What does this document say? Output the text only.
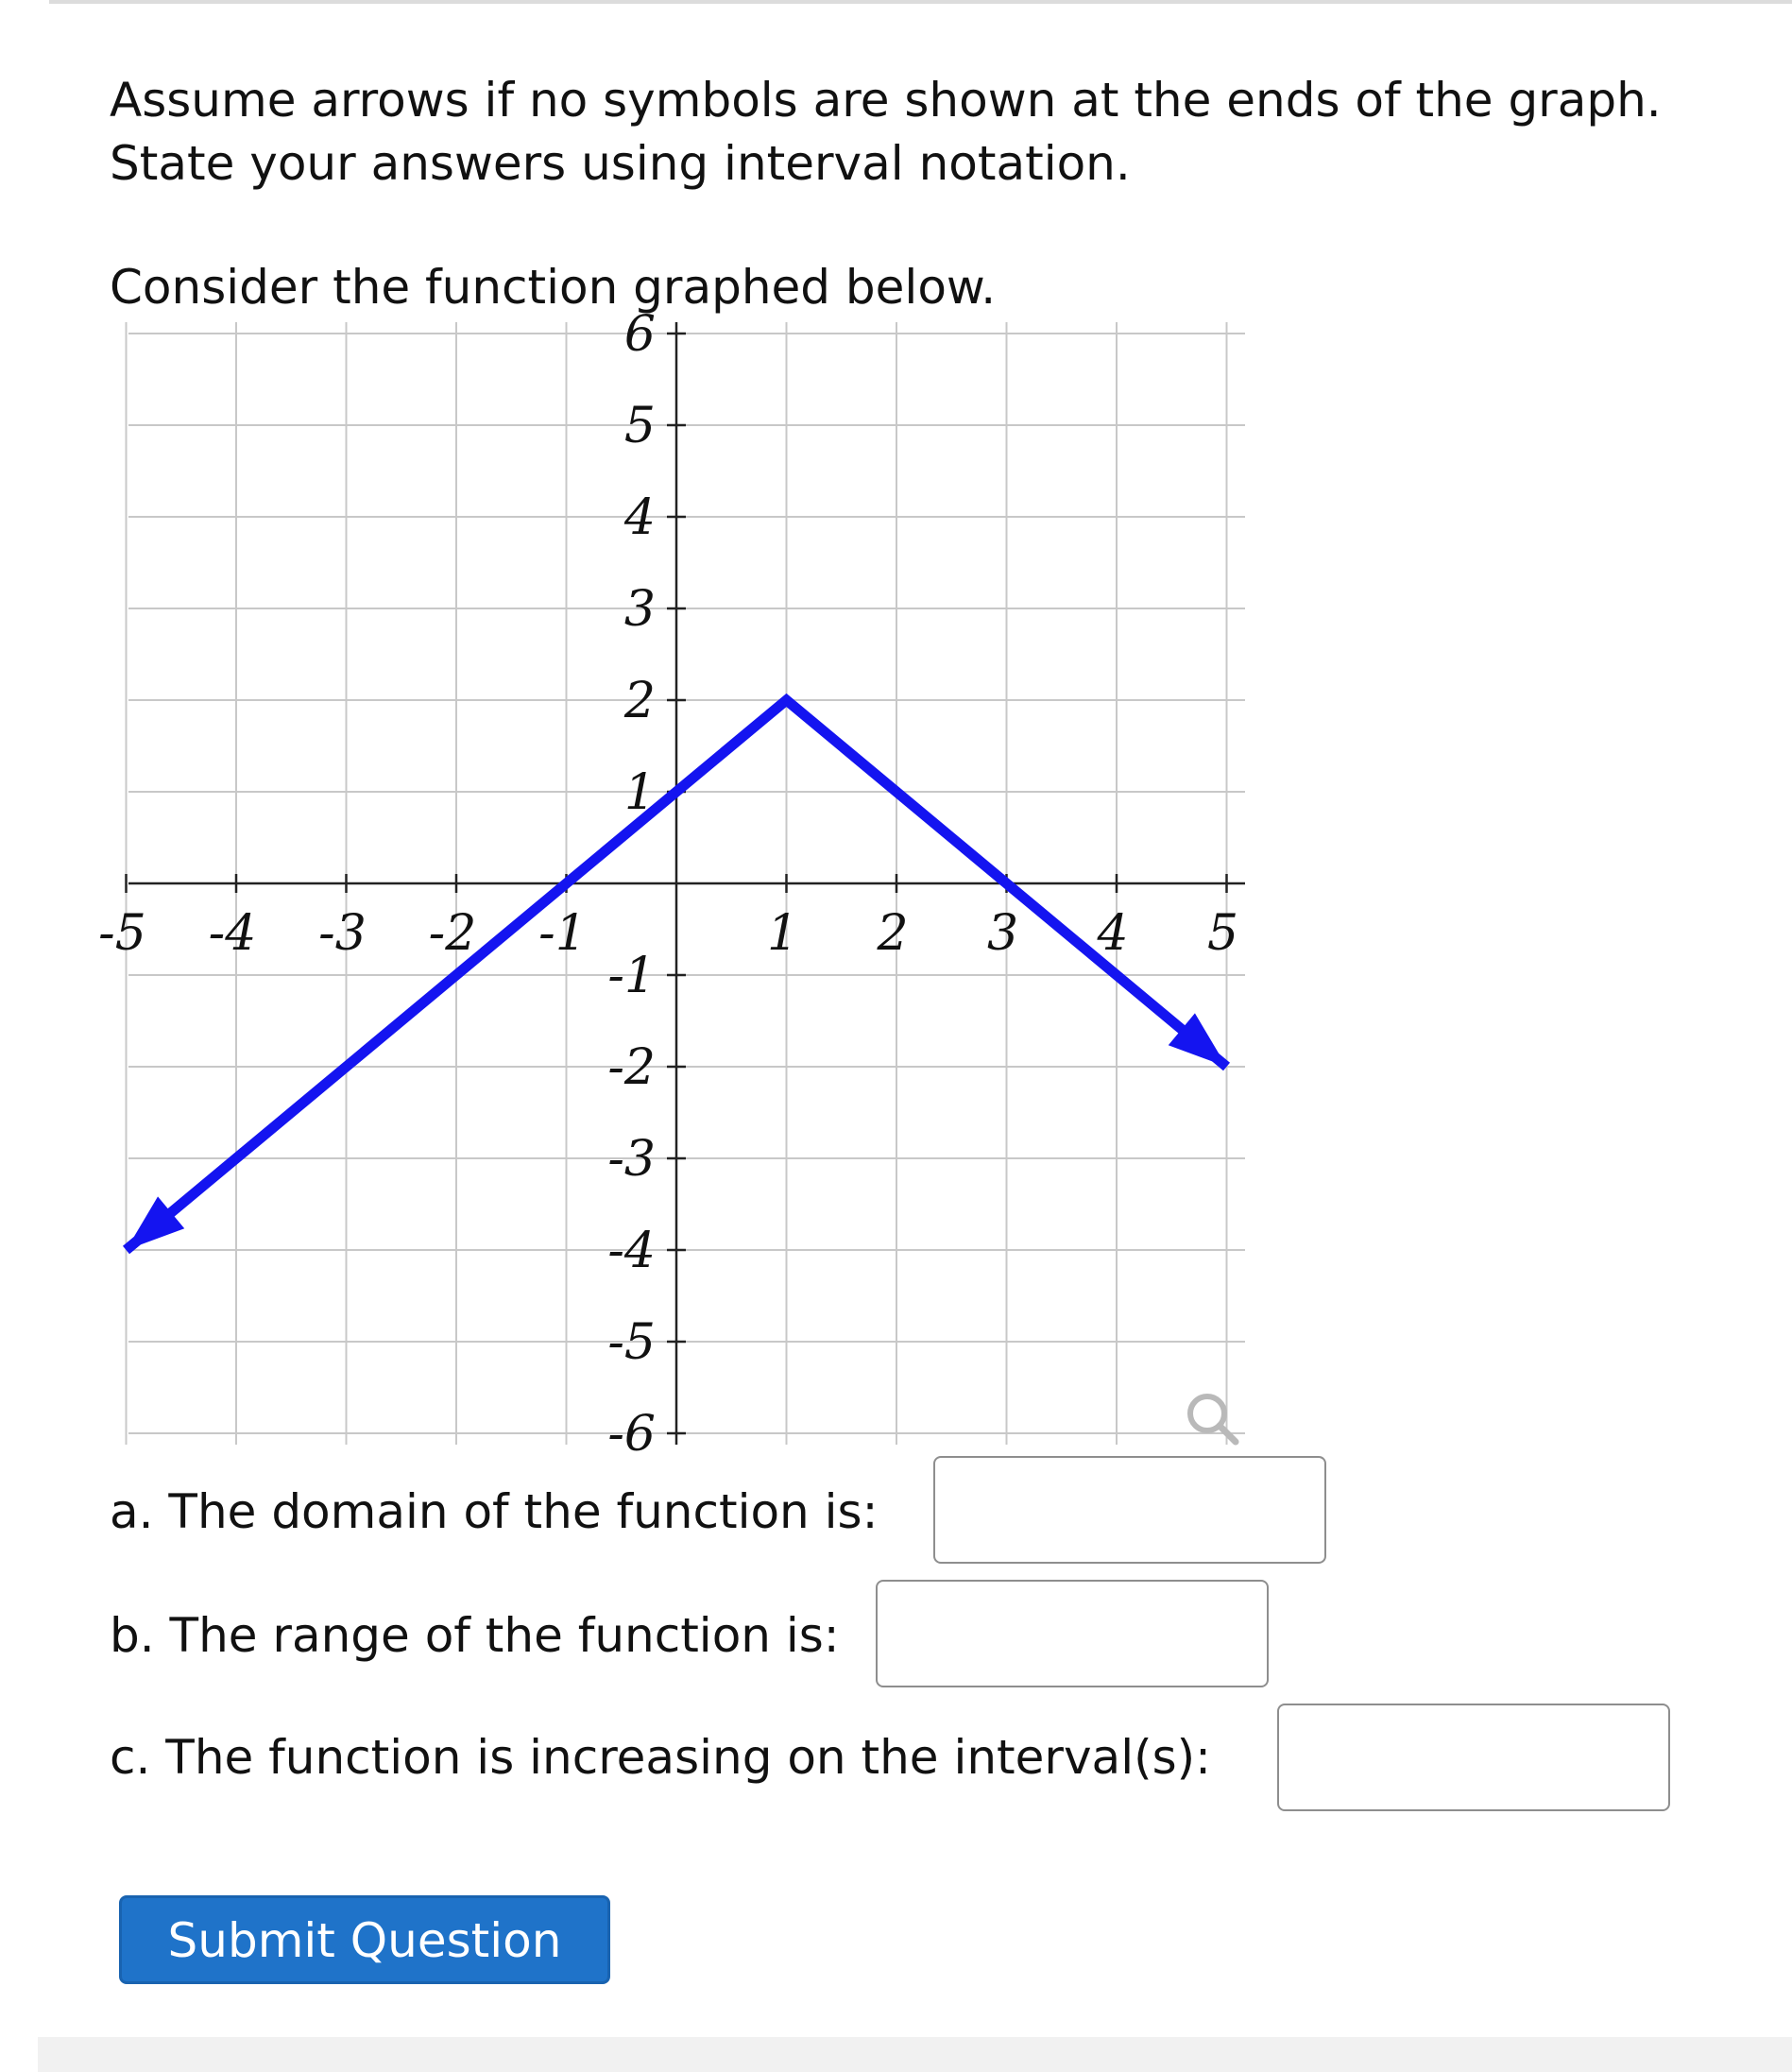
Assume arrows if no symbols are shown at the ends of the graph.
State your answers using interval notation.
Consider the function graphed below.
-5 -4 -3 -2 -1	1 2 3 4 5
6
5
4
3
2
1
-1
-2
-3
-4
-5
-6
a. The domain of the function is:
b. The range of the function is:
c. The function is increasing on the interval(s):
Submit Question
